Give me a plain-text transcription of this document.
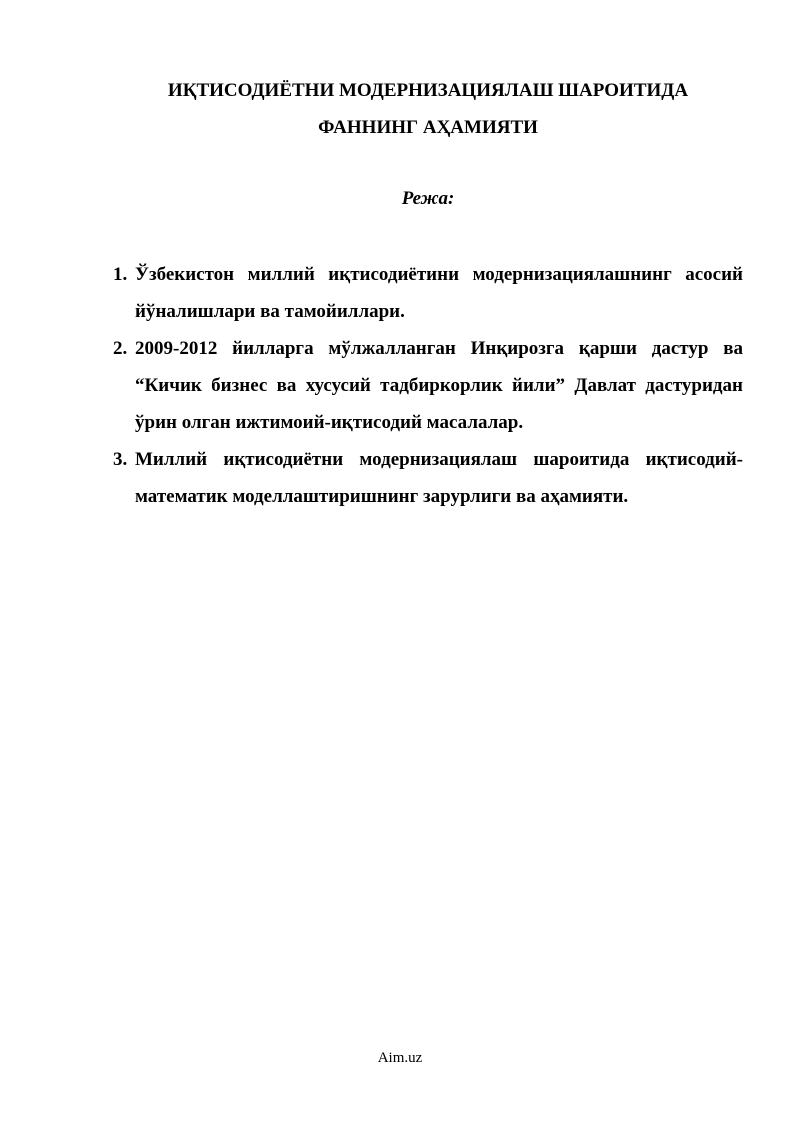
ИҚТИСОДИЁТНИ МОДЕРНИЗАЦИЯЛАШ ШАРОИТИДА
ФАННИНГ АҲАМИЯТИ

Режа:

1. Ўзбекистон миллий иқтисодиётини модернизациялашнинг асосий йўналишлари ва тамойиллари.
2. 2009-2012 йилларга мўлжалланган Инқирозга қарши дастур ва “Кичик бизнес ва хусусий тадбиркорлик йили” Давлат дастуридан ўрин олган ижтимоий-иқтисодий масалалар.
3. Миллий иқтисодиётни модернизациялаш шароитида иқтисодий-математик моделлаштиришнинг зарурлиги ва аҳамияти.

Aim.uz
